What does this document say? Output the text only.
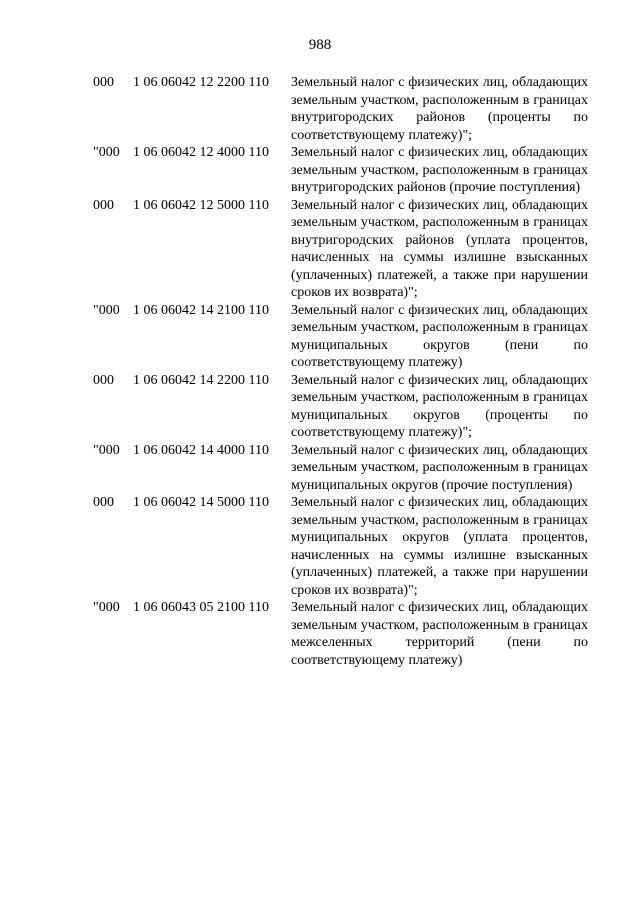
988
000	1 06 06042 12 2200 110	Земельный налог с физических лиц, обладающих земельным участком, расположенным в границах внутригородских районов (проценты по соответствующему платежу)";
"000 1 06 06042 12 4000 110	Земельный налог с физических лиц, обладающих земельным участком, расположенным в границах внутригородских районов (прочие поступления)
000	1 06 06042 12 5000 110	Земельный налог с физических лиц, обладающих земельным участком, расположенным в границах внутригородских районов (уплата процентов, начисленных на суммы излишне взысканных (уплаченных) платежей, а также при нарушении сроков их возврата)";
"000 1 06 06042 14 2100 110	Земельный налог с физических лиц, обладающих земельным участком, расположенным в границах муниципальных округов (пени по соответствующему платежу)
000	1 06 06042 14 2200 110	Земельный налог с физических лиц, обладающих земельным участком, расположенным в границах муниципальных округов (проценты по соответствующему платежу)";
"000 1 06 06042 14 4000 110	Земельный налог с физических лиц, обладающих земельным участком, расположенным в границах муниципальных округов (прочие поступления)
000	1 06 06042 14 5000 110	Земельный налог с физических лиц, обладающих земельным участком, расположенным в границах муниципальных округов (уплата процентов, начисленных на суммы излишне взысканных (уплаченных) платежей, а также при нарушении сроков их возврата)";
"000 1 06 06043 05 2100 110	Земельный налог с физических лиц, обладающих земельным участком, расположенным в границах межселенных территорий (пени по соответствующему платежу)
